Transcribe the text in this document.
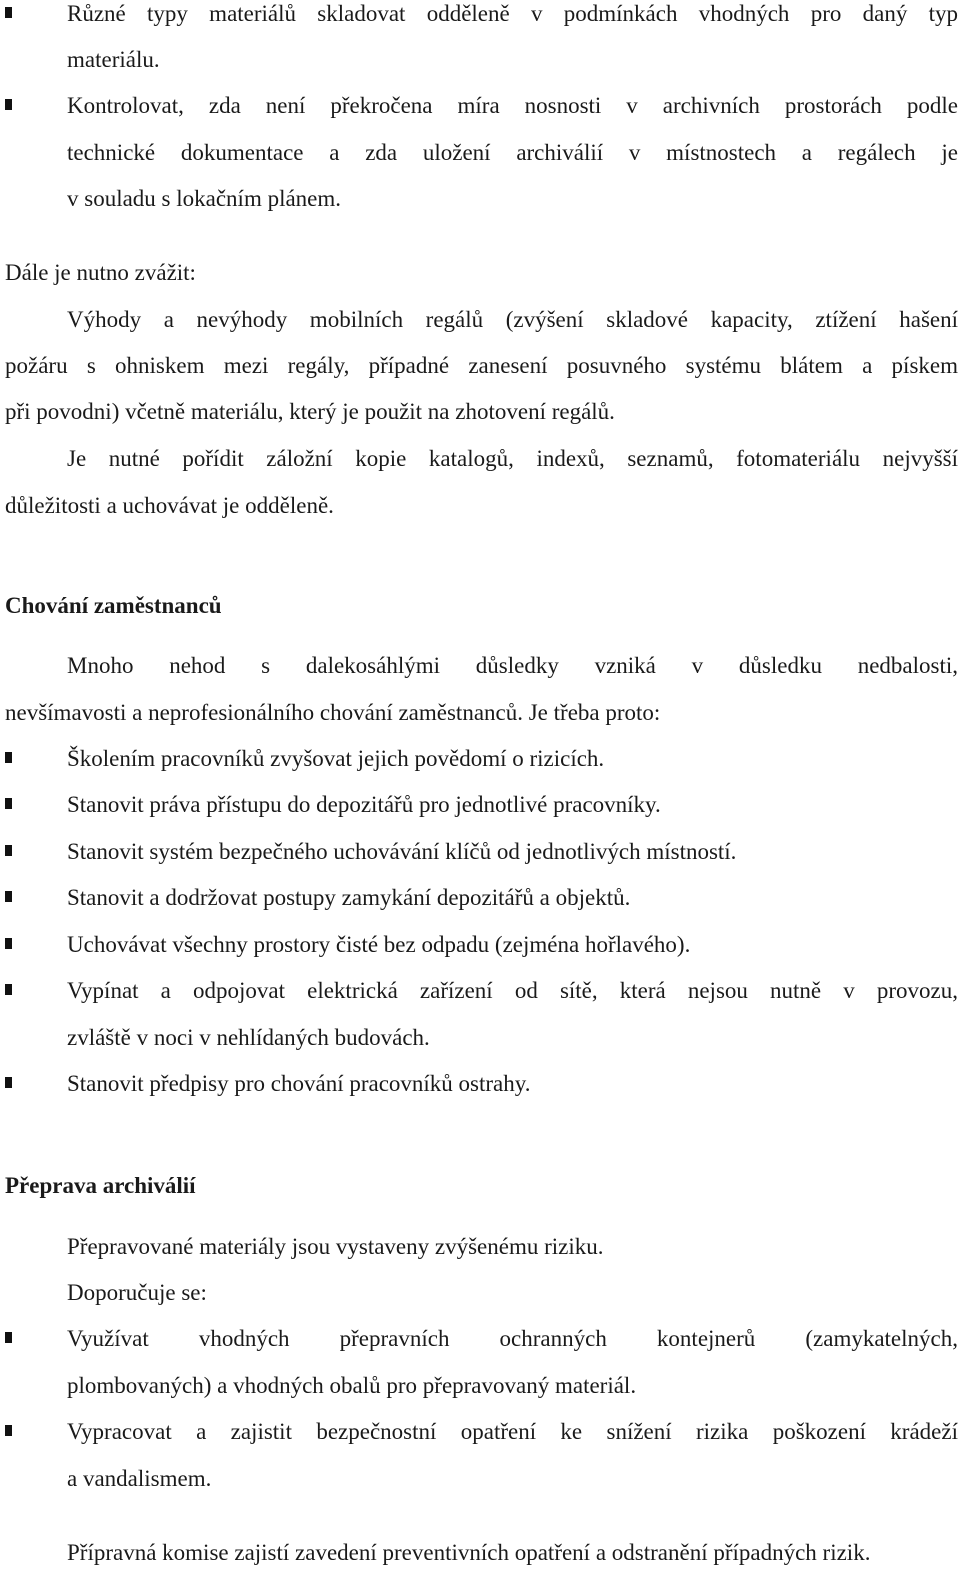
Různé typy materiálů skladovat odděleně v podmínkách vhodných pro daný typ
materiálu.
Kontrolovat, zda není překročena míra nosnosti v archivních prostorách podle
technické dokumentace a zda uložení archiválií v místnostech a regálech je
v souladu s lokačním plánem.
Dále je nutno zvážit:
Výhody a nevýhody mobilních regálů (zvýšení skladové kapacity, ztížení hašení
požáru s ohniskem mezi regály, případné zanesení posuvného systému blátem a pískem
při povodni) včetně materiálu, který je použit na zhotovení regálů.
Je nutné pořídit záložní kopie katalogů, indexů, seznamů, fotomateriálu nejvyšší
důležitosti a uchovávat je odděleně.
Chování zaměstnanců
Mnoho nehod s dalekosáhlými důsledky vzniká v důsledku nedbalosti,
nevšímavosti a neprofesionálního chování zaměstnanců. Je třeba proto:
Školením pracovníků zvyšovat jejich povědomí o rizicích.
Stanovit práva přístupu do depozitářů pro jednotlivé pracovníky.
Stanovit systém bezpečného uchovávání klíčů od jednotlivých místností.
Stanovit a dodržovat postupy zamykání depozitářů a objektů.
Uchovávat všechny prostory čisté bez odpadu (zejména hořlavého).
Vypínat a odpojovat elektrická zařízení od sítě, která nejsou nutně v provozu,
zvláště v noci v nehlídaných budovách.
Stanovit předpisy pro chování pracovníků ostrahy.
Přeprava archiválií
Přepravované materiály jsou vystaveny zvýšenému riziku.
Doporučuje se:
Využívat vhodných přepravních ochranných kontejnerů (zamykatelných,
plombovaných) a vhodných obalů pro přepravovaný materiál.
Vypracovat a zajistit bezpečnostní opatření ke snížení rizika poškození krádeží
a vandalismem.
Přípravná komise zajistí zavedení preventivních opatření a odstranění případných rizik.
